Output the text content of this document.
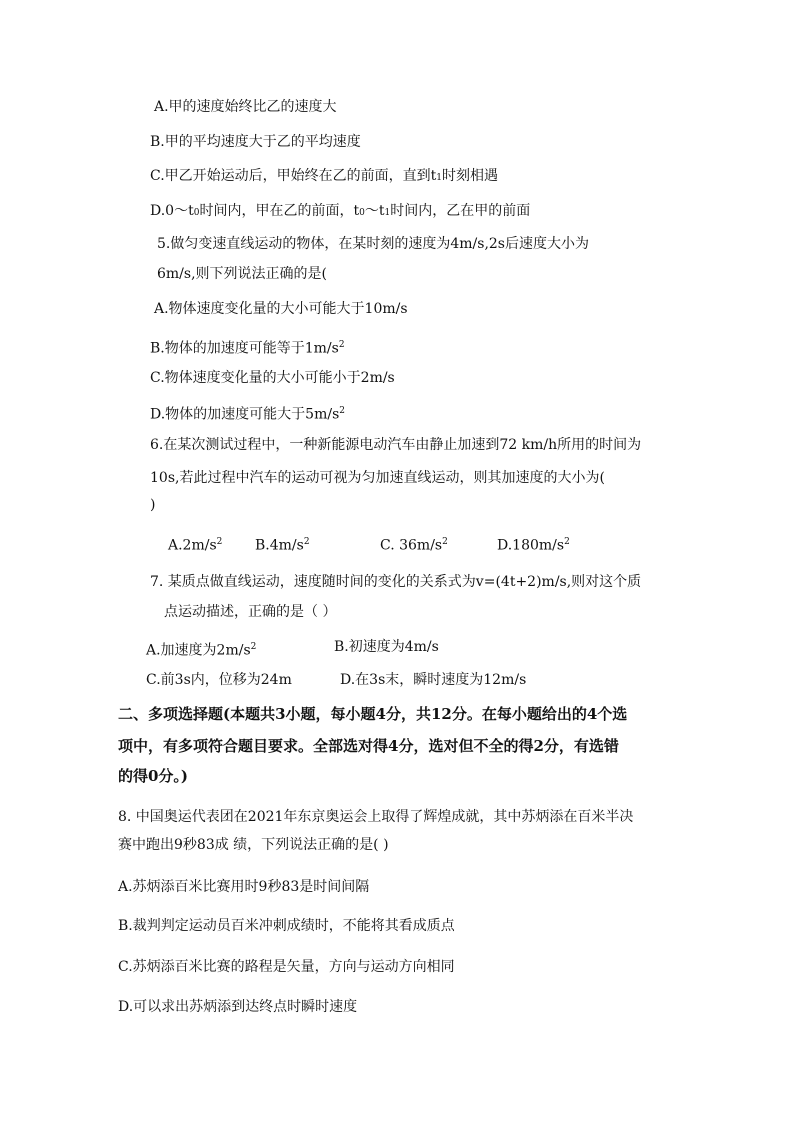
A.甲的速度始终比乙的速度大
B.甲的平均速度大于乙的平均速度
C.甲乙开始运动后，甲始终在乙的前面，直到t1时刻相遇
D.0～t0时间内，甲在乙的前面，t0～t1时间内，乙在甲的前面
5.做匀变速直线运动的物体，在某时刻的速度为4m/s,2s后速度大小为
6m/s,则下列说法正确的是(
A.物体速度变化量的大小可能大于10m/s
B.物体的加速度可能等于$1m/s^2$
C.物体速度变化量的大小可能小于2m/s
D.物体的加速度可能大于$5m/s^2$
6.在某次测试过程中，一种新能源电动汽车由静止加速到72 km/h所用的时间为
10s,若此过程中汽车的运动可视为匀加速直线运动，则其加速度的大小为(
)
$A.2m/s^2$ $B.4m/s^2$	C. $36m/s^2$	$D.180m/s^2$
7. 某质点做直线运动，速度随时间的变化的关系式为v=(4t+2)m/s,则对这个质
点运动描述，正确的是（ ）
A.加速度为$2m/s^2$	B.初速度为4m/s
C.前3s内，位移为24m	D.在3s末，瞬时速度为12m/s
二、多项选择题(本题共3小题，每小题4分，共12分。在每小题给出的4个选
项中，有多项符合题目要求。全部选对得4分，选对但不全的得2分，有选错
的得0分。)
8. 中国奥运代表团在2021年东京奥运会上取得了辉煌成就，其中苏炳添在百米半决
赛中跑出9秒83成 绩，下列说法正确的是( )
A.苏炳添百米比赛用时9秒83是时间间隔
B.裁判判定运动员百米冲刺成绩时，不能将其看成质点
C.苏炳添百米比赛的路程是矢量，方向与运动方向相同
D.可以求出苏炳添到达终点时瞬时速度
